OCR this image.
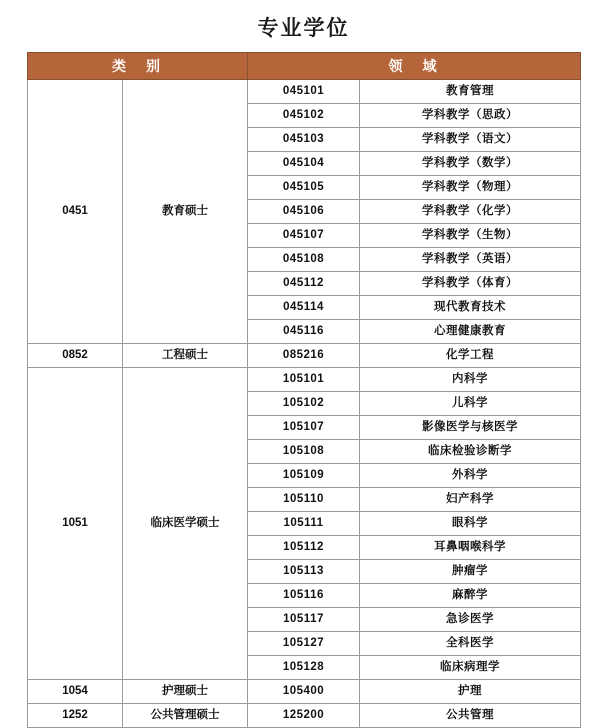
专业学位
类　别		领　域	
0451	教育硕士	045101	教育管理
		045102	学科教学（思政）
		045103	学科教学（语文）
		045104	学科教学（数学）
		045105	学科教学（物理）
		045106	学科教学（化学）
		045107	学科教学（生物）
		045108	学科教学（英语）
		045112	学科教学（体育）
		045114	现代教育技术
		045116	心理健康教育
0852	工程硕士	085216	化学工程
1051	临床医学硕士	105101	内科学
		105102	儿科学
		105107	影像医学与核医学
		105108	临床检验诊断学
		105109	外科学
		105110	妇产科学
		105111	眼科学
		105112	耳鼻咽喉科学
		105113	肿瘤学
		105116	麻醉学
		105117	急诊医学
		105127	全科医学
		105128	临床病理学
1054	护理硕士	105400	护理
1252	公共管理硕士	125200	公共管理
